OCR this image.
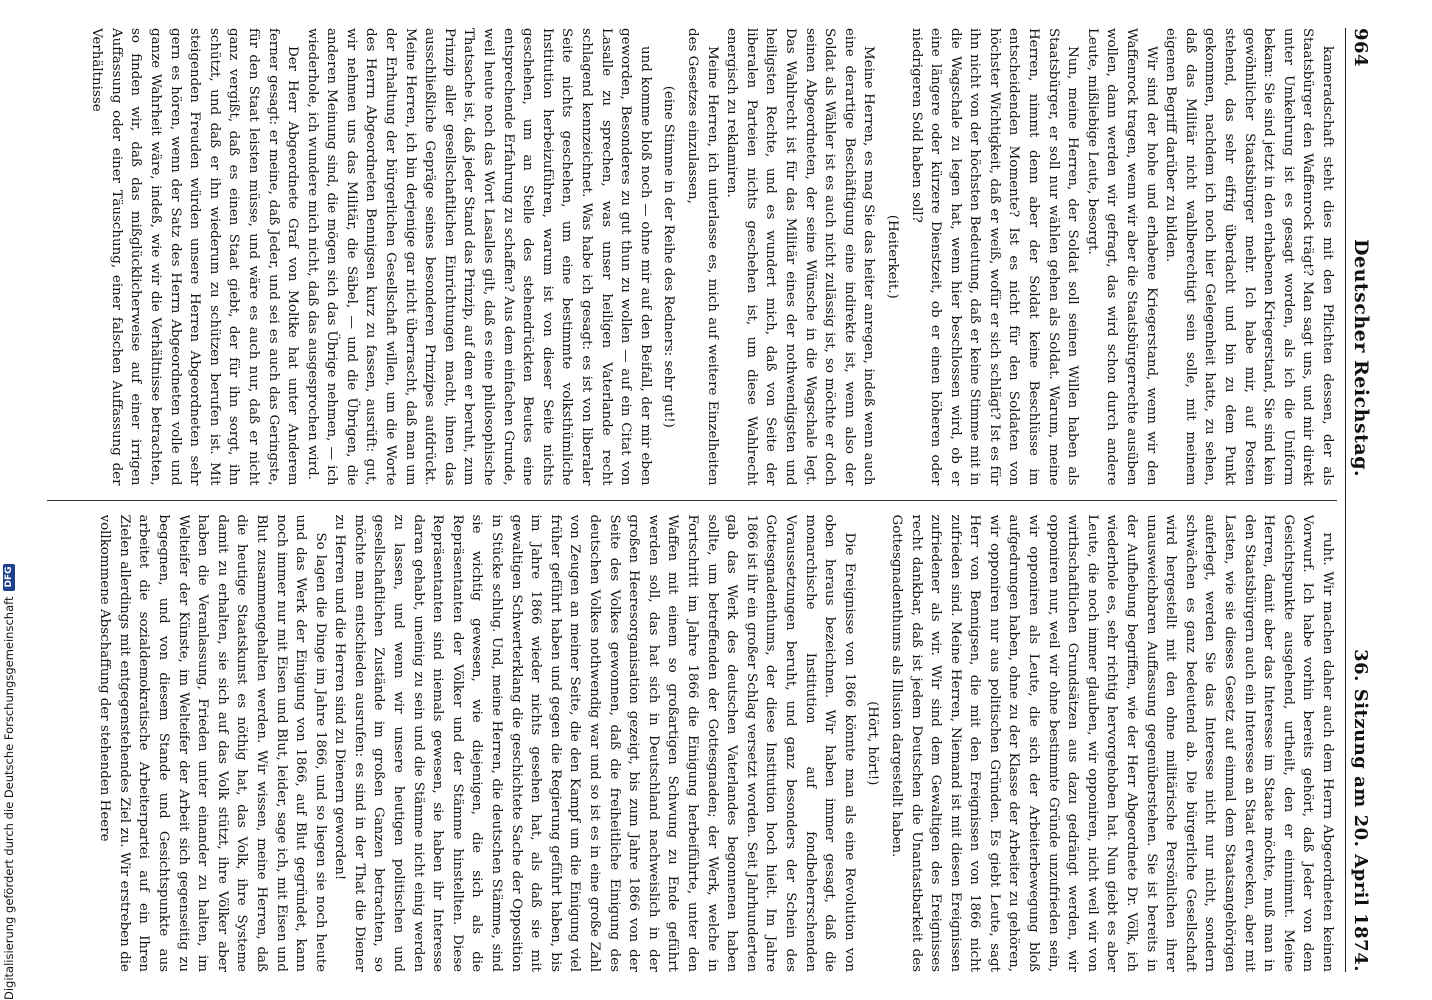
964
Deutscher Reichstag.
36. Sitzung am 20. April 1874.

kameradschaft steht dies mit den Pflichten dessen, der als Staatsbürger den Waffenrock trägt? Man sagt uns, und mir direkt unter Umkehrung ist es gesagt worden, als ich die Uniform bekam: Sie sind jetzt in den erhabenen Kriegerstand, Sie sind kein gewöhnlicher Staatsbürger mehr. Ich habe mir, auf Posten stehend, das sehr eifrig überdacht und bin zu dem Punkt gekommen, nachdem ich noch hier Gelegenheit hatte, zu sehen, daß das Militär nicht wahlberechtigt sein solle, mit meinem eigenen Begriff darüber zu bilden.

Wir sind der hohe und erhabene Kriegerstand, wenn wir den Waffenrock tragen, wenn wir aber die Staatsbürgerrechte ausüben wollen, dann werden wir gefragt, das wird schon durch andere Leute, mißliebige Leute, besorgt.

Nun, meine Herren, der Soldat soll seinen Willen haben als Staatsbürger, er soll nur wählen gehen als Soldat. Warum, meine Herren, nimmt denn aber der Soldat keine Beschlüsse im entscheidenden Momente? Ist es nicht für den Soldaten von höchster Wichtigkeit, daß er weiß, wofür er sich schlägt? Ist es für ihn nicht von der höchsten Bedeutung, daß er keine Stimme mit in die Wagschale zu legen hat, wenn hier beschlossen wird, ob er eine längere oder kürzere Dienstzeit, ob er einen höheren oder niedrigeren Sold haben soll?

(Heiterkeit.)

Meine Herren, es mag Sie das heiter anregen, indeß wenn auch eine derartige Beschäftigung eine indirekte ist, wenn also der Soldat als Wähler ist es auch nicht zulässig ist, so möchte er doch seinen Abgeordneten, der seine Wünsche in die Wagschale legt. Das Wahlrecht ist für das Militär eines der nothwendigsten und heiligsten Rechte, und es wundert mich, daß von Seite der liberalen Parteien nichts geschehen ist, um diese Wahlrecht energisch zu reklamiren.

Meine Herren, ich unterlasse es, mich auf weitere Einzelheiten des Gesetzes einzulassen,

(eine Stimme in der Reihe des Redners: sehr gut!)

und komme bloß noch — ohne mir auf den Beifall, der mir eben geworden, Besonderes zu gut thun zu wollen — auf ein Citat von Lasalle zu sprechen, was unser heiligen Vaterlande recht schlagend kennzeichnet. Was habe ich gesagt: es ist von liberaler Seite nichts geschehen, um eine bestimmte volksthümliche Institution herbeizuführen, warum ist von dieser Seite nichts geschehen, um an Stelle des stehendrückten Beutes eine entsprechende Erfahrung zu schaffen? Aus dem einfachen Grunde, weil heute noch das Wort Lasalles gilt, daß es eine philosophische Thatsache ist, daß jeder Stand das Prinzip, auf dem er beruht, zum Prinzip aller gesellschaftlichen Einrichtungen macht, ihnen das ausschließliche Gepräge seines besonderen Prinzipes aufdrückt. Meine Herren, ich bin derjenige gar nicht überrascht, daß man um der Erhaltung der bürgerlichen Gesellschaft willen, um die Worte des Herrn Abgeordneten Bennigsen kurz zu fassen, ausrüft: gut, wir nehmen uns das Militär, die Säbel, — und die Übrigen, die anderen Meinung sind, die mögen sich das Übrige nehmen, — ich wiederhole, ich wundere mich nicht, daß das ausgesprochen wird.

Der Herr Abgeordnete Graf von Moltke hat unter Anderem ferner gesagt: er meine, daß Jeder, und sei es auch das Geringste, für den Staat leisten müsse, und wäre es auch nur, daß er nicht ganz vergißt, daß es einen Staat giebt, der für ihn sorgt, ihn schützt, und daß er ihn wiederum zu schützen berufen ist. Mit steigenden Freuden würden unsere Herren Abgeordneten sehr gern es hören, wenn der Satz des Herrn Abgeordneten volle und ganze Wahrheit wäre, indeß, wie wir die Verhältnisse betrachten, so finden wir, daß das mißglücklicherweise auf einer irrigen Auffassung oder einer Täuschung, einer falschen Auffassung der Verhältnisse

ruht. Wir machen daher auch dem Herrn Abgeordneten keinen Vorwurf. Ich habe vorhin bereits gehört, daß Jeder von dem Gesichtspunkte ausgehend, urtheilt, den er einnimmt. Meine Herren, damit aber das Interesse im Staate möchte, muß man in den Staatsbürgern auch ein Interesse an Staat erwecken, aber mit Lasten, wie sie dieses Gesetz auf einmal dem Staatsangehörigen auferlegt, werden Sie das Interesse nicht nur nicht, sondern schwächen es ganz bedeutend ab. Die bürgerliche Gesellschaft wird hergestellt mit den ohne militärische Persönlichen ihrer unausweichbaren Auffassung gegenüberstehen. Sie ist bereits in der Aufhebung begriffen, wie der Herr Abgeordnete Dr. Völk, ich wiederhole es, sehr richtig hervorgehoben hat. Nun giebt es aber Leute, die noch immer glauben, wir opponiren, nicht weil wir von wirthschaftlichen Grundsätzen aus dazu gedrängt werden, wir opponiren nur, weil wir ohne bestimmte Gründe unzufrieden sein, wir opponiren als Leute, die sich der Arbeiterbewegung bloß aufgedrungen haben, ohne zu der Klasse der Arbeiter zu gehören, wir opponiren nur aus politischen Gründen. Es giebt Leute, sagt Herr von Bennigsen, die mit den Ereignissen von 1866 nicht zufrieden sind. Meine Herren, Niemand ist mit diesen Ereignissen zufriedener als wir. Wir sind dem Gewaltigen des Ereignisses recht dankbar, daß ist jedem Deutschen die Unantastbarkeit des Gottesgnadenthums als Illusion dargestellt haben.

(Hört, hört!)

Die Ereignisse von 1866 könnte man als eine Revolution von oben heraus bezeichnen. Wir haben immer gesagt, daß die monarchische Institution auf fondbeherrschenden Voraussetzungen beruht, und ganz besonders der Schein des Gottesgnadenthums, der diese Institution hoch hielt. Im Jahre 1866 ist ihr ein großer Schlag versetzt worden. Seit Jahrhunderten gab das Werk des deutschen Vaterlandes begonnenen haben sollte, um betreffenden der Gottesgnaden; der Werk, welche in Fortschritt im Jahre 1866 die Einigung herbeiführte, unter den Waffen mit einem so großartigen Schwung zu Ende geführt werden soll, das hat sich in Deutschland nachweislich in der großen Heeresorganisation gezeigt, bis zum Jahre 1866 von der Seite des Volkes gewonnen, daß die freiheitliche Einigung des deutschen Volkes nothwendig war und so ist es in eine große Zahl von Zeugen an meiner Seite, die den Kampf um die Einigung viel früher geführt haben und gegen die Regierung geführt haben, bis im Jahre 1866 wieder nichts gesehen hat, als daß sie mit gewaltigen Schwerterklang die geschichtete Sache der Opposition in Stücke schlug. Und, meine Herren, die deutschen Stämme, sind sie wichtig gewesen, wie diejenigen, die sich als die Repräsentanten der Völker und der Stämme hinstellten. Diese Repräsentanten sind niemals gewesen, sie haben ihr Interesse daran gehabt, uneinig zu sein und die Stämme nicht einig werden zu lassen, und wenn wir unsere heutigen politischen und gesellschaftlichen Zustände im großen Ganzen betrachten, so möchte man entschieden ausrufen: es sind in der That die Diener zu Herren und die Herren sind zu Dienern geworden!

So lagen die Dinge im Jahre 1866, und so liegen sie noch heute und das Werk der Einigung von 1866, auf Blut gegründet, kann noch immer nur mit Eisen und Blut, leider, sage ich, mit Eisen und Blut zusammengehalten werden. Wir wissen, meine Herren, daß die heutige Staatskunst es nöthig hat, das Volk, ihre Systeme damit zu erhalten, sie sich auf das Volk stützt, ihre Völker aber haben die Veranlassung, Frieden unter einander zu halten, im Welteifer der Künste, im Welteifer der Arbeit sich gegenseitig zu begegnen, und von diesem Stande und Gesichtspunkte aus arbeitet die sozialdemokratische Arbeiterpartei auf ein Ihren Zielen allerdings mit entgegenstehendes Ziel zu. Wir erstreben die vollkommene Abschaffung der stehenden Heere

Digitalisierung gefördert durch die Deutsche Forschungsgemeinschaft
DFG
